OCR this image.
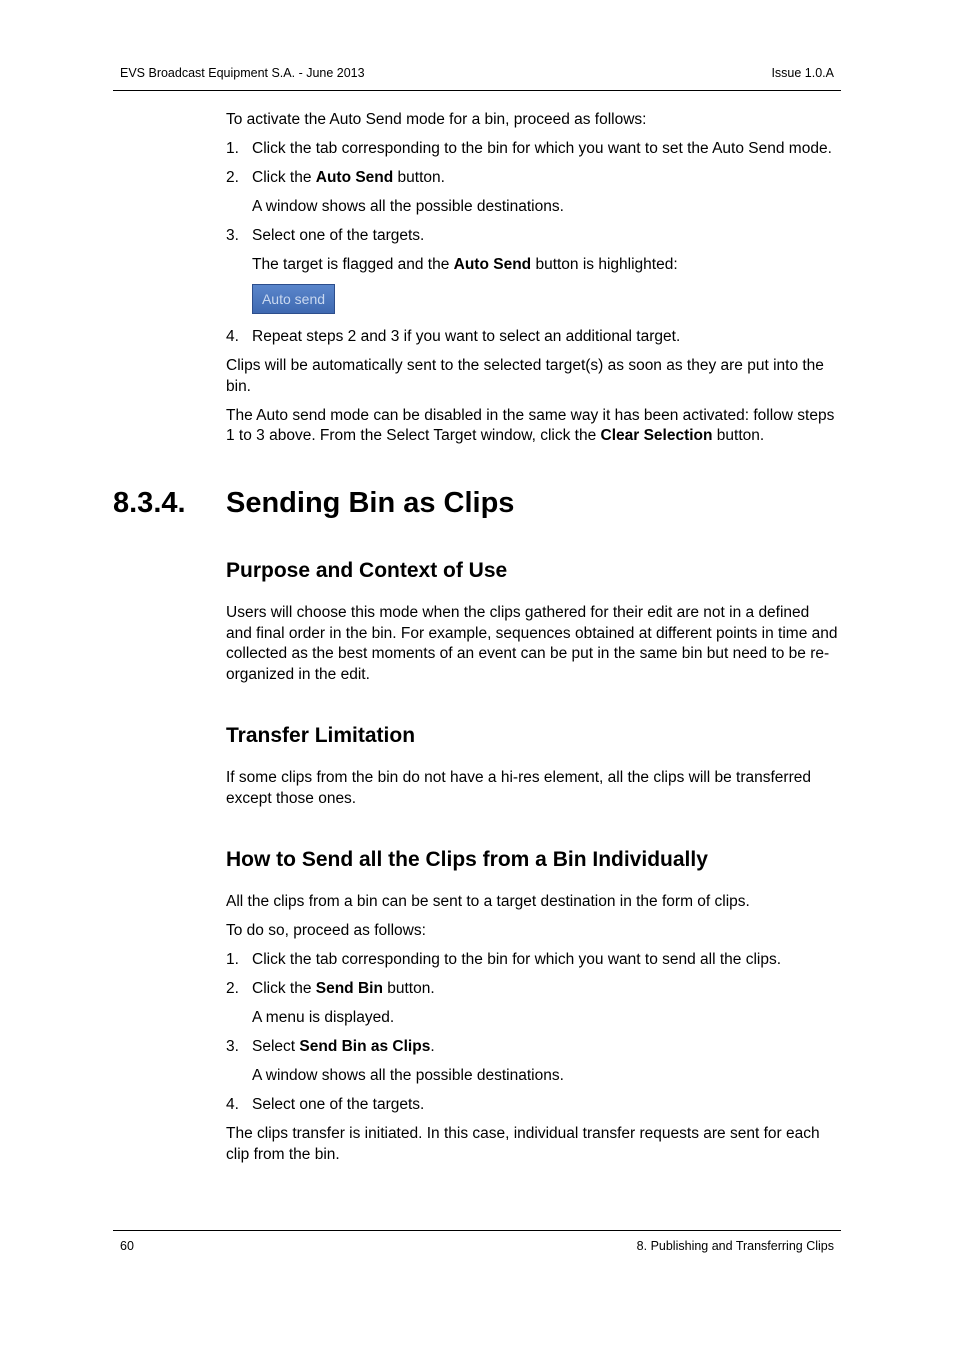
EVS Broadcast Equipment S.A. - June 2013	Issue 1.0.A

To activate the Auto Send mode for a bin, proceed as follows:

1. Click the tab corresponding to the bin for which you want to set the Auto Send mode.
2. Click the Auto Send button.

A window shows all the possible destinations.

3. Select one of the targets.

The target is flagged and the Auto Send button is highlighted:

Auto send
4. Repeat steps 2 and 3 if you want to select an additional target.

Clips will be automatically sent to the selected target(s) as soon as they are put into the bin.

The Auto send mode can be disabled in the same way it has been activated: follow steps 1 to 3 above. From the Select Target window, click the Clear Selection button.

8.3.4. Sending Bin as Clips
Purpose and Context of Use

Users will choose this mode when the clips gathered for their edit are not in a defined and final order in the bin. For example, sequences obtained at different points in time and collected as the best moments of an event can be put in the same bin but need to be re-organized in the edit.

Transfer Limitation

If some clips from the bin do not have a hi-res element, all the clips will be transferred except those ones.

How to Send all the Clips from a Bin Individually

All the clips from a bin can be sent to a target destination in the form of clips.

To do so, proceed as follows:

1. Click the tab corresponding to the bin for which you want to send all the clips.
2. Click the Send Bin button.

A menu is displayed.

3. Select Send Bin as Clips.

A window shows all the possible destinations.

4. Select one of the targets.

The clips transfer is initiated. In this case, individual transfer requests are sent for each clip from the bin.

60	8. Publishing and Transferring Clips
